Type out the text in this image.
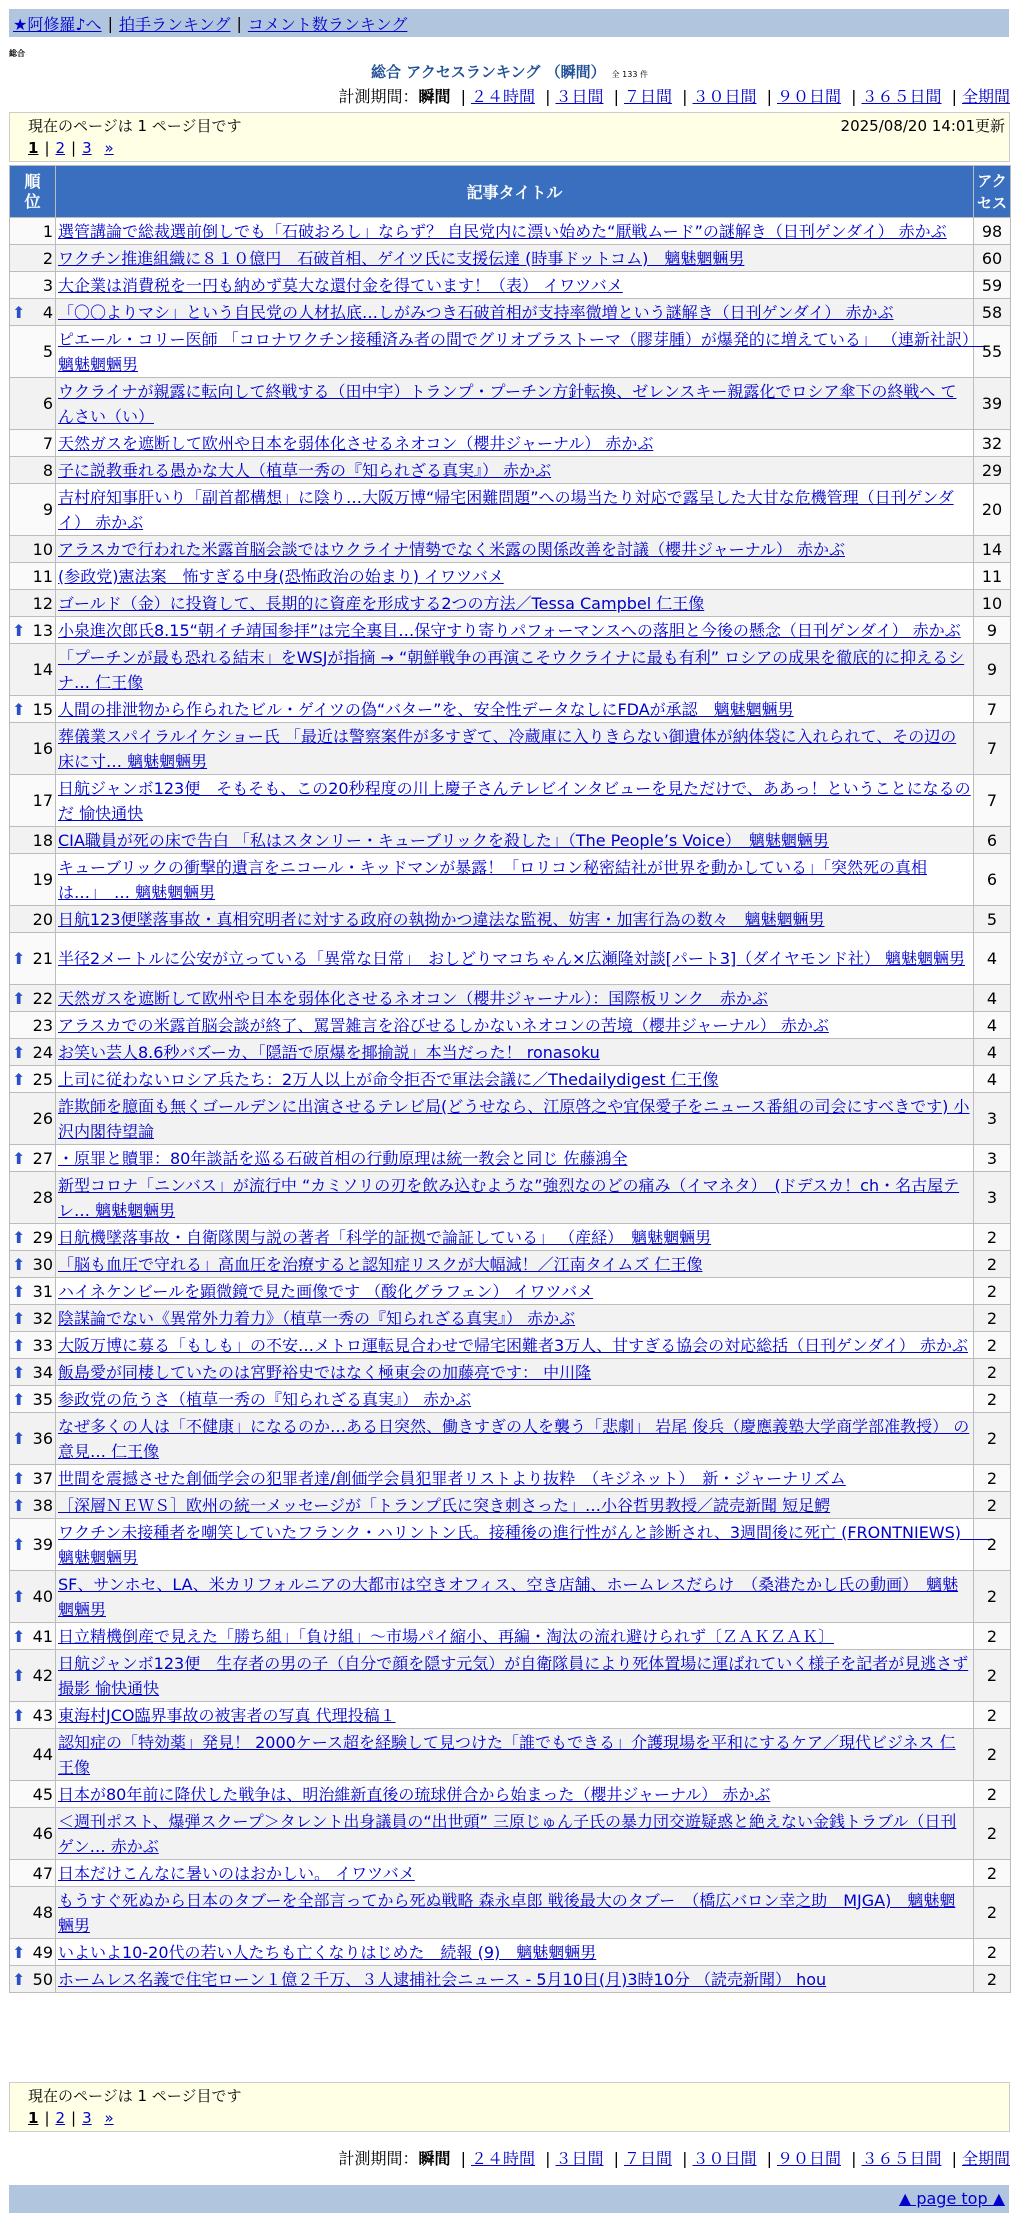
★阿修羅♪へ | 拍手ランキング | コメント数ランキング
総合
総合 アクセスランキング （瞬間） 全 133 件
計測期間：瞬間 | ２４時間 | ３日間 | ７日間 | ３０日間 | ９０日間 | ３６５日間 | 全期間
現在のページは 1 ページ目です	2025/08/20 14:01更新
1 | 2 | 3 »
順位	記事タイトル	アクセス

1	選管講論で総裁選前倒しでも「石破おろし」ならず？ 自民党内に漂い始めた“厭戦ムード”の謎解き（日刊ゲンダイ） 赤かぶ	98
2	ワクチン推進組織に８１０億円　石破首相、ゲイツ氏に支援伝達 (時事ドットコム)　魑魅魍魎男	60
3	大企業は消費税を一円も納めず莫大な還付金を得ています！（表） イワツバメ	59

⬆ 4	「〇〇よりマシ」という自民党の人材払底…しがみつき石破首相が支持率微増という謎解き（日刊ゲンダイ） 赤かぶ	58
5	ピエール・コリー医師 「コロナワクチン接種済み者の間でグリオブラストーマ（膠芽腫）が爆発的に増えている」 （連新社訳）　魑魅魍魎男	55
6	ウクライナが親露に転向して終戦する（田中宇）トランプ・プーチン方針転換、ゼレンスキー親露化でロシア傘下の終戦へ てんさい（い）	39
7	天然ガスを遮断して欧州や日本を弱体化させるネオコン（櫻井ジャーナル） 赤かぶ	32
8	子に説教垂れる愚かな大人（植草一秀の『知られざる真実』） 赤かぶ	29
9	吉村府知事肝いり「副首都構想」に陰り…大阪万博“帰宅困難問題”への場当たり対応で露呈した大甘な危機管理（日刊ゲンダイ） 赤かぶ	20
10	アラスカで行われた米露首脳会談ではウクライナ情勢でなく米露の関係改善を討議（櫻井ジャーナル） 赤かぶ	14
11	(参政党)憲法案　怖すぎる中身(恐怖政治の始まり) イワツバメ	11
12	ゴールド（金）に投資して、長期的に資産を形成する2つの方法／Tessa Campbel 仁王像	10

⬆ 13	小泉進次郎氏8.15“朝イチ靖国参拝”は完全裏目…保守すり寄りパフォーマンスへの落胆と今後の懸念（日刊ゲンダイ） 赤かぶ	9
14	「プーチンが最も恐れる結末」をWSJが指摘 → “朝鮮戦争の再演こそウクライナに最も有利” ロシアの成果を徹底的に抑えるシナ… 仁王像	9

⬆ 15	人間の排泄物から作られたビル・ゲイツの偽“バター”を、安全性データなしにFDAが承認　魑魅魍魎男	7
16	葬儀業スパイラルイケショー氏 「最近は警察案件が多すぎて、冷蔵庫に入りきらない御遺体が納体袋に入れられて、その辺の床に寸… 魑魅魍魎男	7
17	日航ジャンボ123便　そもそも、この20秒程度の川上慶子さんテレビインタビューを見ただけで、ああっ！ということになるのだ 愉快通快	7
18	CIA職員が死の床で告白 「私はスタンリー・キューブリックを殺した」（The People’s Voice）　魑魅魍魎男	6
19	キューブリックの衝撃的遺言をニコール・キッドマンが暴露！「ロリコン秘密結社が世界を動かしている」「突然死の真相は…」　… 魑魅魍魎男	6
20	日航123便墜落事故・真相究明者に対する政府の執拗かつ違法な監視、妨害・加害行為の数々　魑魅魍魎男	5

⬆ 21	半径2メートルに公安が立っている「異常な日常」　おしどりマコちゃん×広瀬隆対談[パート3]（ダイヤモンド社） 魑魅魍魎男	4

⬆ 22	天然ガスを遮断して欧州や日本を弱体化させるネオコン（櫻井ジャーナル）：国際板リンク　赤かぶ	4
23	アラスカでの米露首脳会談が終了、罵詈雑言を浴びせるしかないネオコンの苦境（櫻井ジャーナル） 赤かぶ	4

⬆ 24	お笑い芸人8.6秒バズーカ、「隠語で原爆を揶揄説」本当だった！ ronasoku	4

⬆ 25	上司に従わないロシア兵たち：2万人以上が命令拒否で軍法会議に／Thedailydigest 仁王像	4
26	詐欺師を臆面も無くゴールデンに出演させるテレビ局(どうせなら、江原啓之や宜保愛子をニュース番組の司会にすべきです) 小沢内閣待望論	3

⬆ 27	・原罪と贖罪：80年談話を巡る石破首相の行動原理は統一教会と同じ 佐藤鴻全	3
28	新型コロナ「ニンバス」が流行中 “カミソリの刃を飲み込むような”強烈なのどの痛み（イマネタ）　(ドデスカ！ch・名古屋テレ… 魑魅魍魎男	3

⬆ 29	日航機墜落事故・自衛隊関与説の著者「科学的証拠で論証している」 （産経）　魑魅魍魎男	2

⬆ 30	「脳も血圧で守れる」高血圧を治療すると認知症リスクが大幅減！／江南タイムズ 仁王像	2

⬆ 31	ハイネケンビールを顕微鏡で見た画像です （酸化グラフェン） イワツバメ	2

⬆ 32	陰謀論でない《異常外力着力》（植草一秀の『知られざる真実』） 赤かぶ	2

⬆ 33	大阪万博に募る「もしも」の不安…メトロ運転見合わせで帰宅困難者3万人、甘すぎる協会の対応総括（日刊ゲンダイ） 赤かぶ	2

⬆ 34	飯島愛が同棲していたのは宮野裕史ではなく極東会の加藤亮です： 中川隆	2

⬆ 35	参政党の危うさ（植草一秀の『知られざる真実』） 赤かぶ	2

⬆ 36	なぜ多くの人は「不健康」になるのか…ある日突然、働きすぎの人を襲う「悲劇」 岩尾 俊兵（慶應義塾大学商学部准教授） の意見… 仁王像	2

⬆ 37	世間を震撼させた創価学会の犯罪者達/創価学会員犯罪者リストより抜粋　（キジネット）　新・ジャーナリズム	2

⬆ 38	［深層ＮＥＷＳ］欧州の統一メッセージが「トランプ氏に突き刺さった」…小谷哲男教授／読売新聞 短足鰐	2

⬆ 39	ワクチン未接種者を嘲笑していたフランク・ハリントン氏。接種後の進行性がんと診断され、3週間後に死亡 (FRONTNIEWS)　　魑魅魍魎男	2

⬆ 40	SF、サンホセ、LA、米カリフォルニアの大都市は空きオフィス、空き店舗、ホームレスだらけ　（桑港たかし氏の動画）　魑魅魍魎男	2

⬆ 41	日立精機倒産で見えた「勝ち組」「負け組」～市場パイ縮小、再編・淘汰の流れ避けられず〔ＺＡＫＺＡＫ〕	2

⬆ 42	日航ジャンボ123便　生存者の男の子（自分で顔を隠す元気）が自衛隊員により死体置場に運ばれていく様子を記者が見逃さず撮影 愉快通快	2

⬆ 43	東海村JCO臨界事故の被害者の写真 代理投稿１	2
44	認知症の「特効薬」発見！ 2000ケース超を経験して見つけた「誰でもできる」介護現場を平和にするケア／現代ビジネス 仁王像	2
45	日本が80年前に降伏した戦争は、明治維新直後の琉球併合から始まった（櫻井ジャーナル） 赤かぶ	2
46	＜週刊ポスト、爆弾スクープ＞タレント出身議員の“出世頭” 三原じゅん子氏の暴力団交遊疑惑と絶えない金銭トラブル（日刊ゲン… 赤かぶ	2
47	日本だけこんなに暑いのはおかしい。 イワツバメ	2
48	もうすぐ死ぬから日本のタブーを全部言ってから死ぬ戦略 森永卓郎 戦後最大のタブー　（橋広バロン幸之助　MJGA)　魑魅魍魎男	2

⬆ 49	いよいよ10-20代の若い人たちも亡くなりはじめた　続報 (9)　魑魅魍魎男	2

⬆ 50	ホームレス名義で住宅ローン１億２千万、３人逮捕社会ニュース - 5月10日(月)3時10分 （読売新聞） hou	2
現在のページは 1 ページ目です
1 | 2 | 3 »
計測期間：瞬間 | ２４時間 | ３日間 | ７日間 | ３０日間 | ９０日間 | ３６５日間 | 全期間
▲ page top ▲
